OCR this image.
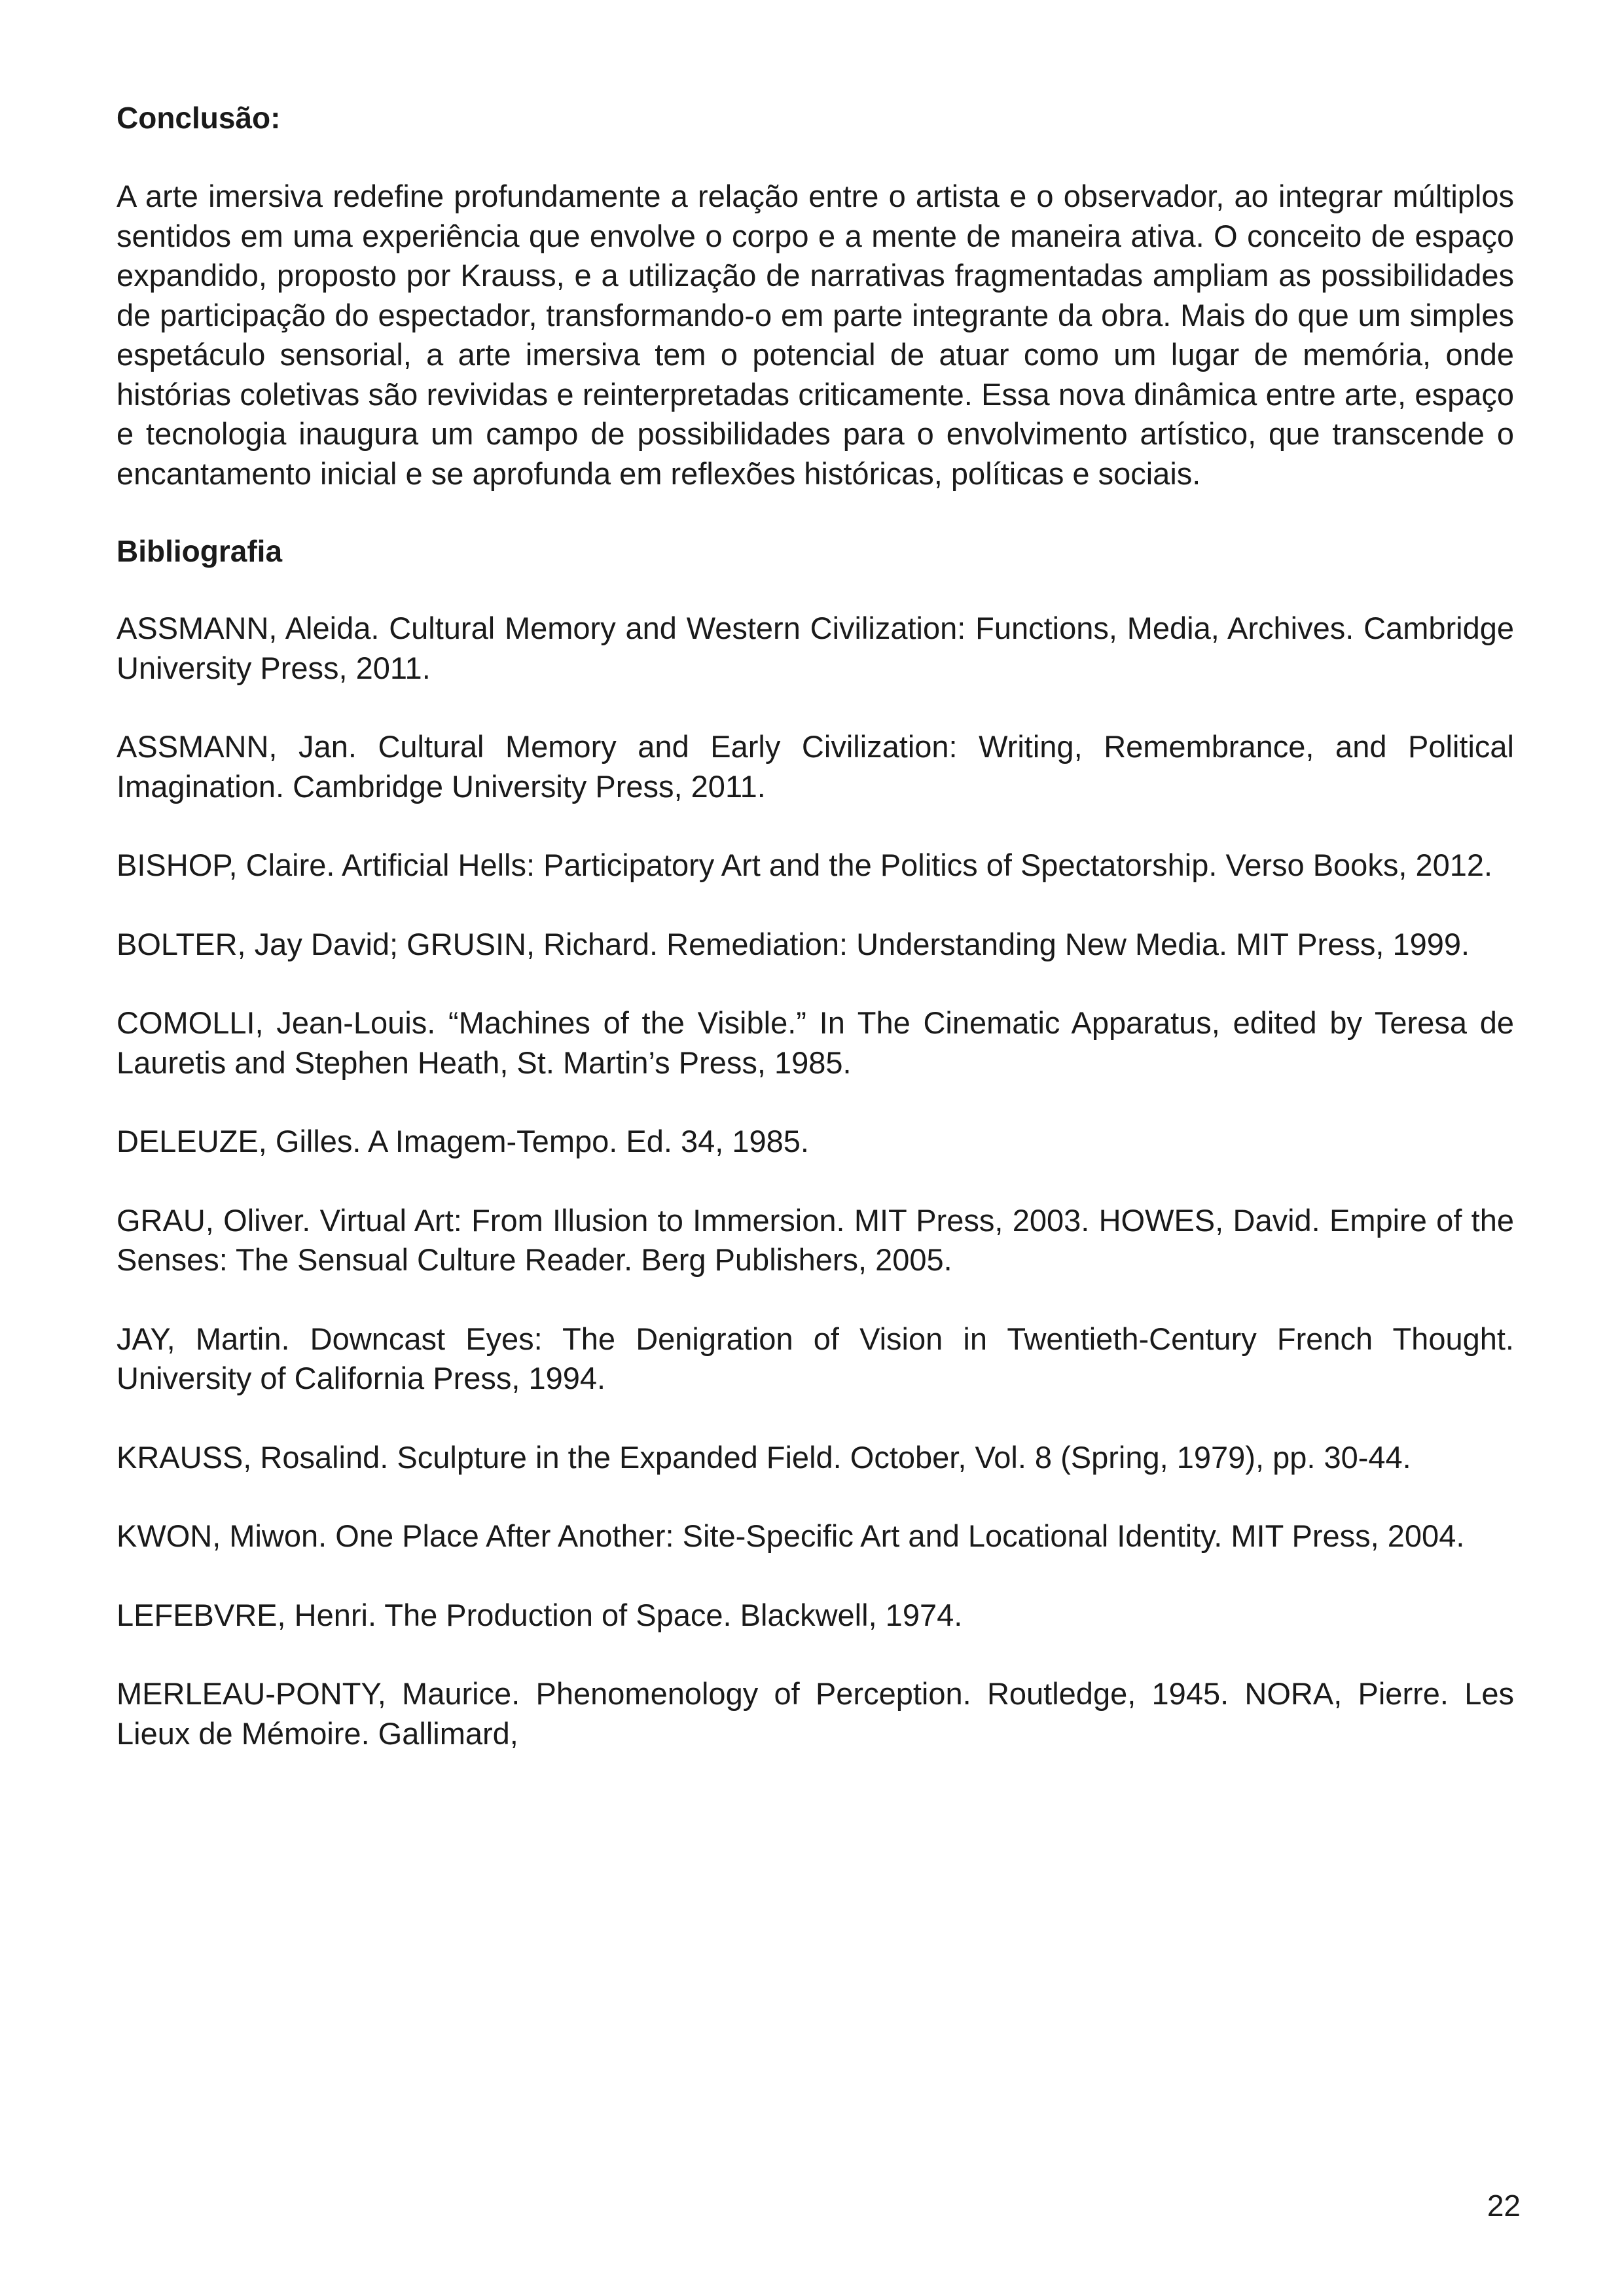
Conclusão:

A arte imersiva redefine profundamente a relação entre o artista e o observador, ao integrar múltiplos sentidos em uma experiência que envolve o corpo e a mente de maneira ativa. O conceito de espaço expandido, proposto por Krauss, e a utilização de narrativas fragmentadas ampliam as possibilidades de participação do espectador, transformando-o em parte integrante da obra. Mais do que um simples espetáculo sensorial, a arte imersiva tem o potencial de atuar como um lugar de memória, onde histórias coletivas são revividas e reinterpretadas criticamente. Essa nova dinâmica entre arte, espaço e tecnologia inaugura um campo de possibilidades para o envolvimento artístico, que transcende o encantamento inicial e se aprofunda em reflexões históricas, políticas e sociais.

Bibliografia
ASSMANN, Aleida. Cultural Memory and Western Civilization: Functions, Media, Archives. Cambridge University Press, 2011.
ASSMANN, Jan. Cultural Memory and Early Civilization: Writing, Remembrance, and Political Imagination. Cambridge University Press, 2011.
BISHOP, Claire. Artificial Hells: Participatory Art and the Politics of Spectatorship. Verso Books, 2012.
BOLTER, Jay David; GRUSIN, Richard. Remediation: Understanding New Media. MIT Press, 1999.
COMOLLI, Jean-Louis. “Machines of the Visible.” In The Cinematic Apparatus, edited by Teresa de Lauretis and Stephen Heath, St. Martin’s Press, 1985.
DELEUZE, Gilles. A Imagem-Tempo. Ed. 34, 1985.
GRAU, Oliver. Virtual Art: From Illusion to Immersion. MIT Press, 2003. HOWES, David. Empire of the Senses: The Sensual Culture Reader. Berg Publishers, 2005.
JAY, Martin. Downcast Eyes: The Denigration of Vision in Twentieth-Century French Thought. University of California Press, 1994.
KRAUSS, Rosalind. Sculpture in the Expanded Field. October, Vol. 8 (Spring, 1979), pp. 30-44.
KWON, Miwon. One Place After Another: Site-Specific Art and Locational Identity. MIT Press, 2004.
LEFEBVRE, Henri. The Production of Space. Blackwell, 1974.
MERLEAU-PONTY, Maurice. Phenomenology of Perception. Routledge, 1945. NORA, Pierre. Les Lieux de Mémoire. Gallimard,

22
